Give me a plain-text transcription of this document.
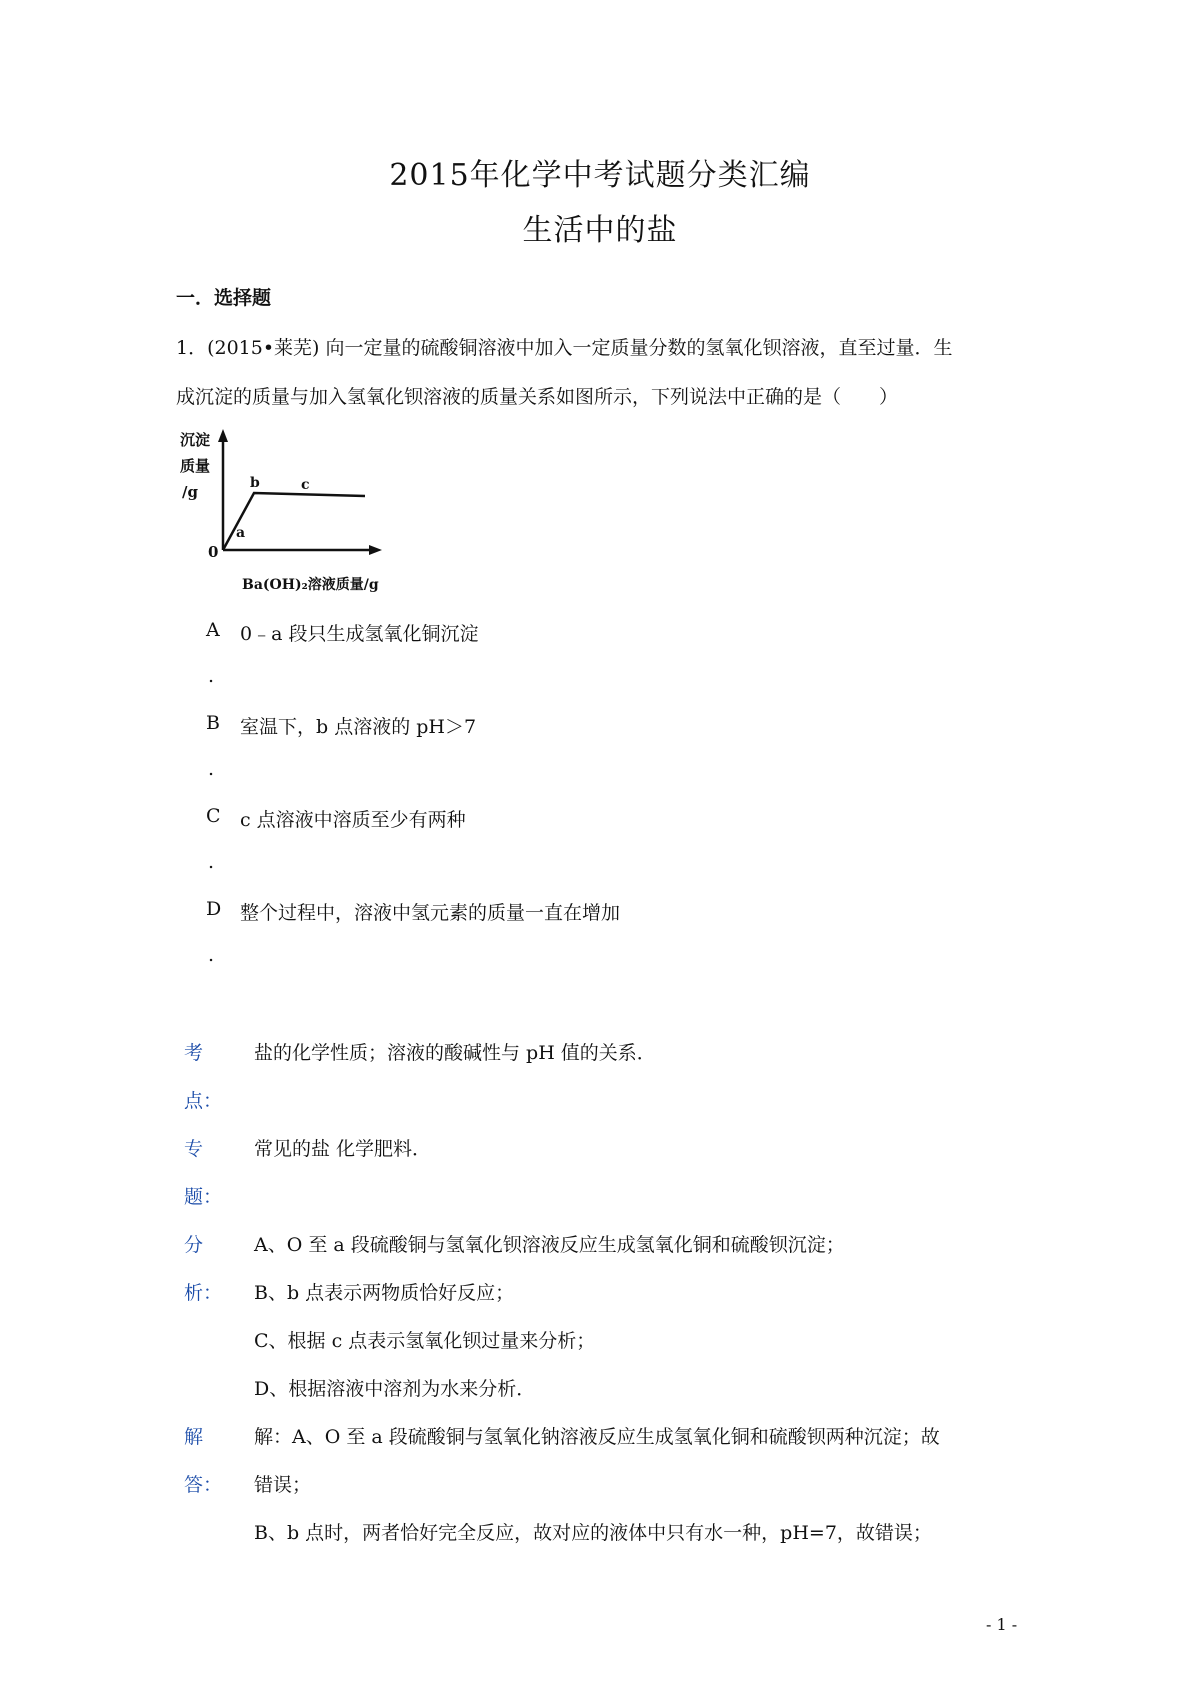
2015年化学中考试题分类汇编
生活中的盐
一．选择题
1．(2015•莱芜) 向一定量的硫酸铜溶液中加入一定质量分数的氢氧化钡溶液，直至过量．生
成沉淀的质量与加入氢氧化钡溶液的质量关系如图所示，下列说法中正确的是（　　）
沉淀
质量
/g
0
a
b	c
Ba(OH)₂溶液质量/g
A 0﹣a 段只生成氢氧化铜沉淀
.
B 室温下，b 点溶液的 pH＞7
.
C c 点溶液中溶质至少有两种
.
D 整个过程中，溶液中氢元素的质量一直在增加
.
考
点：
盐的化学性质；溶液的酸碱性与 pH 值的关系．
专
题：
常见的盐 化学肥料．
分
析：
A、O 至 a 段硫酸铜与氢氧化钡溶液反应生成氢氧化铜和硫酸钡沉淀；
B、b 点表示两物质恰好反应；
C、根据 c 点表示氢氧化钡过量来分析；
D、根据溶液中溶剂为水来分析．
解
答：
解：A、O 至 a 段硫酸铜与氢氧化钠溶液反应生成氢氧化铜和硫酸钡两种沉淀；故
错误；
B、b 点时，两者恰好完全反应，故对应的液体中只有水一种，pH=7，故错误；
- 1 -
